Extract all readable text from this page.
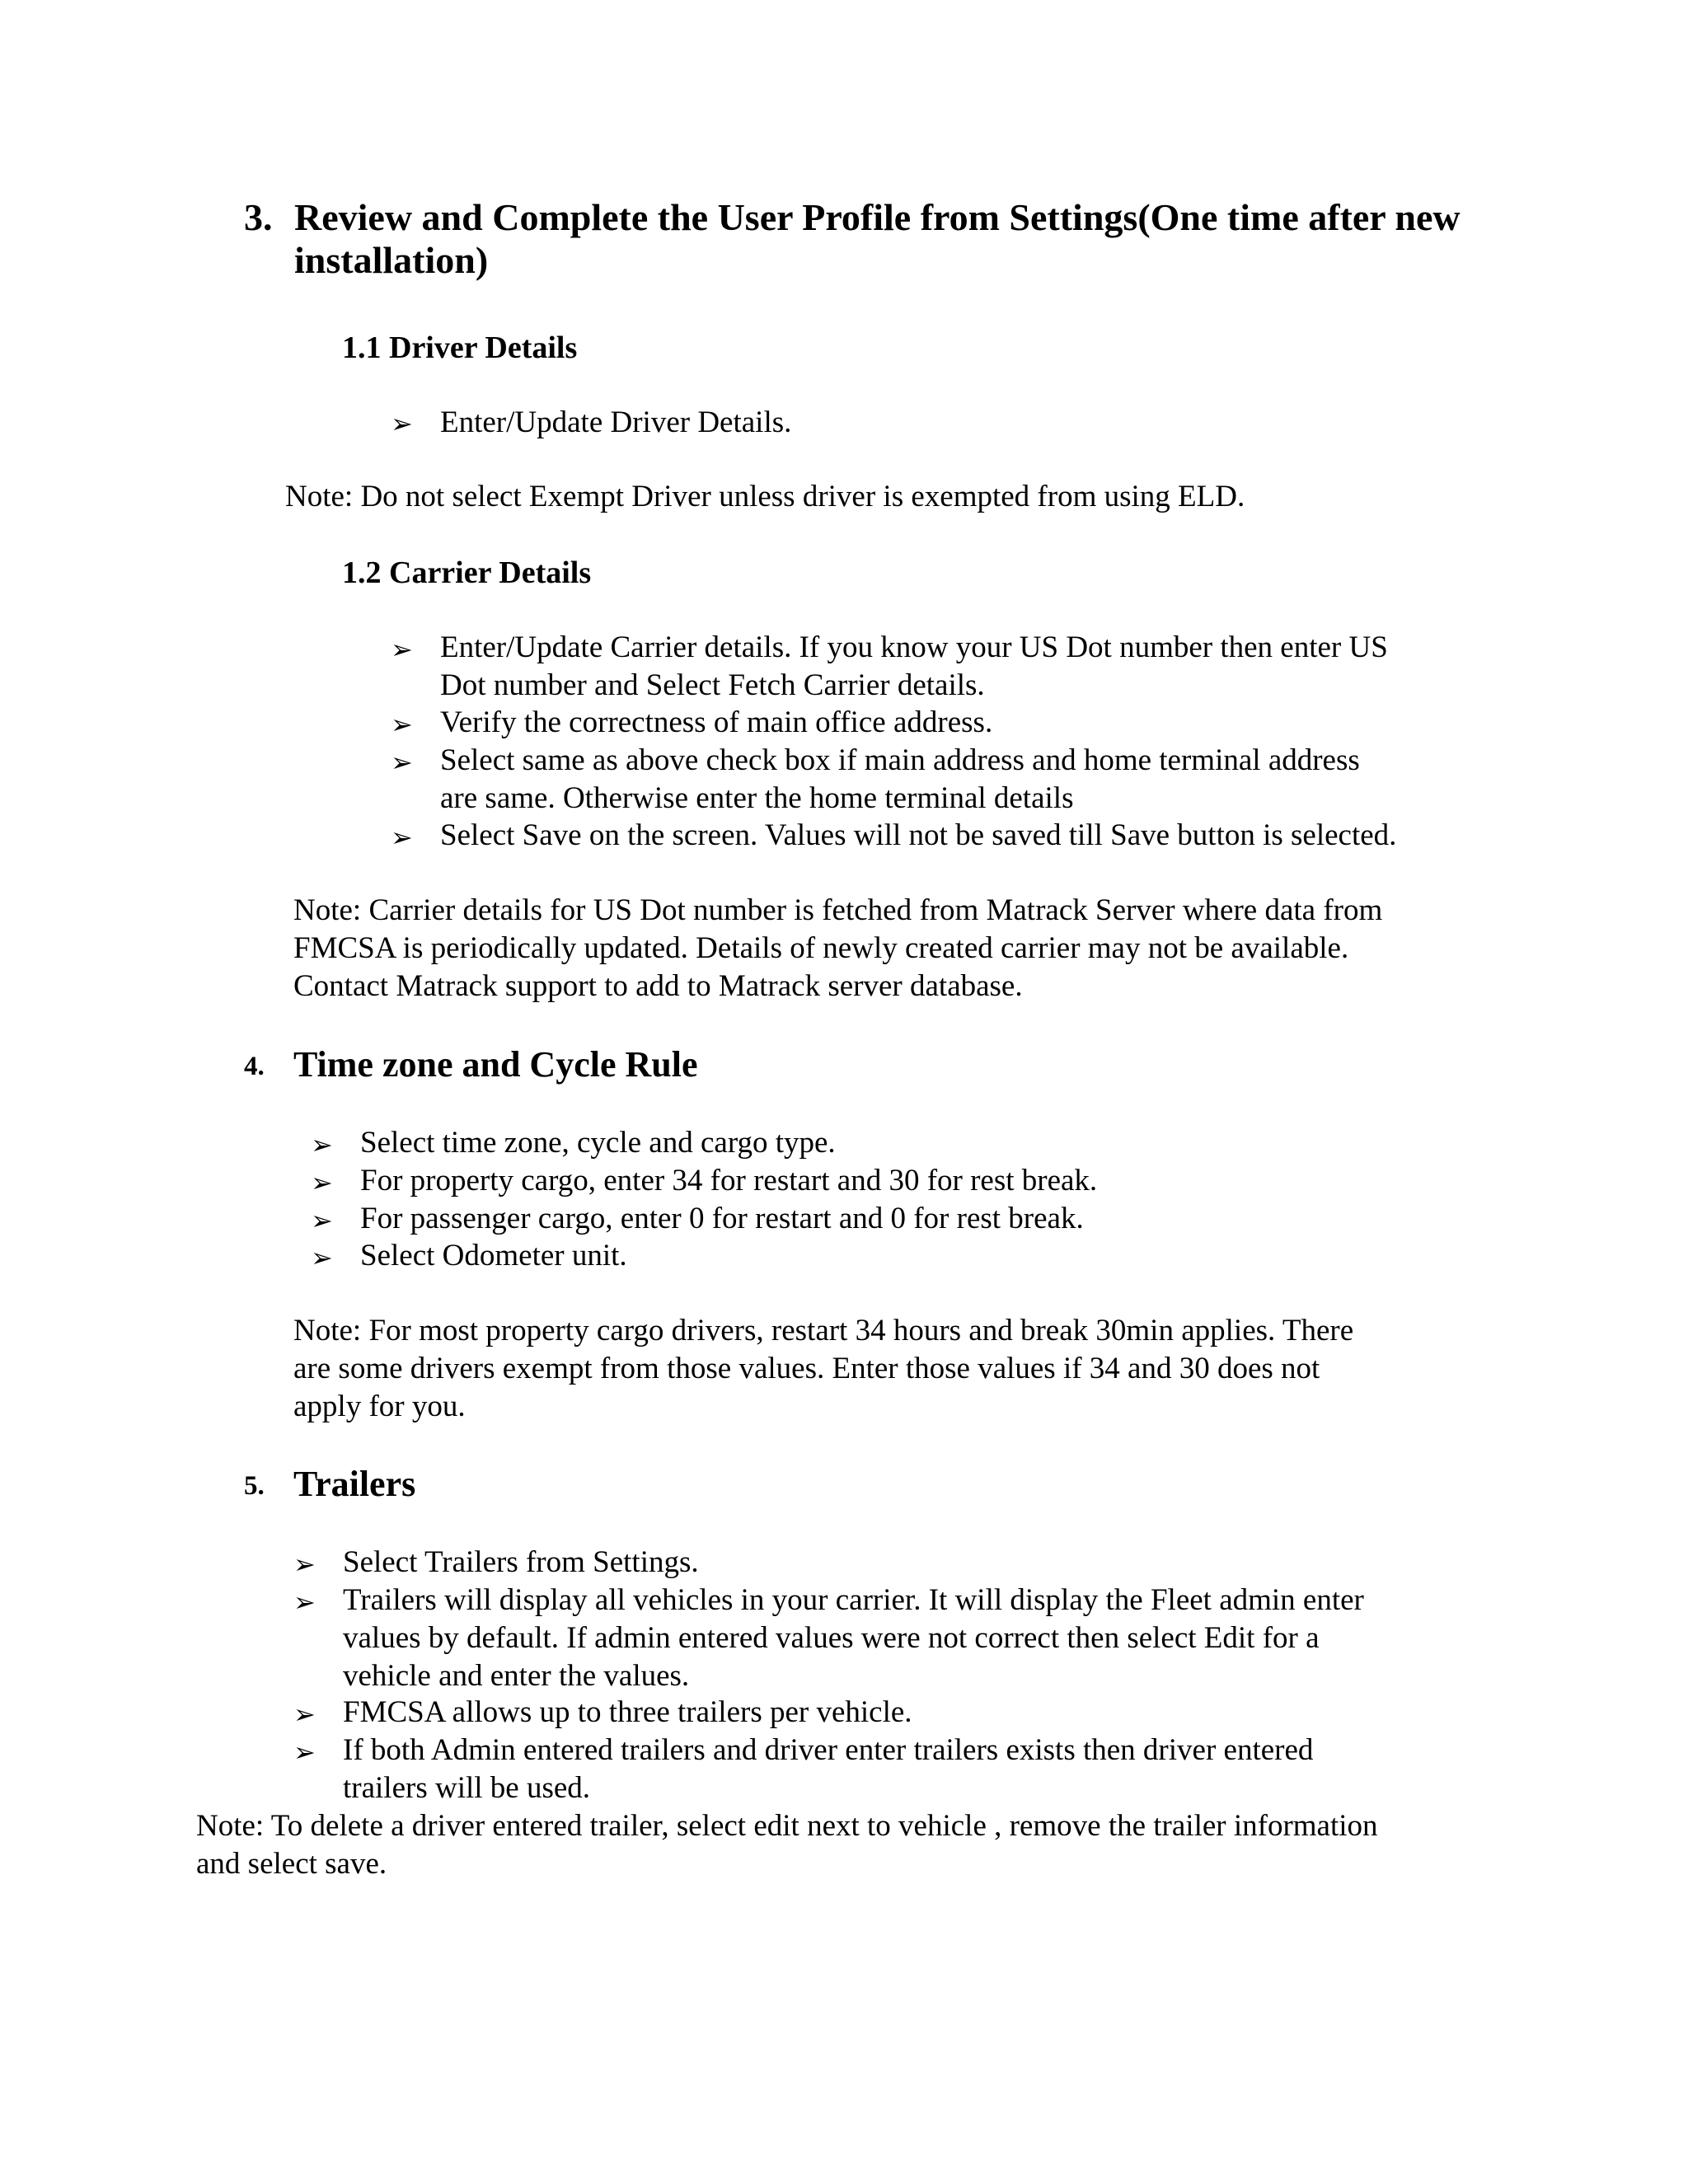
3. Review and Complete the User Profile from Settings(One time after new
installation)
1.1 Driver Details
➢ Enter/Update Driver Details.
Note: Do not select Exempt Driver unless driver is exempted from using ELD.
1.2 Carrier Details
➢ Enter/Update Carrier details. If you know your US Dot number then enter US
Dot number and Select Fetch Carrier details.
➢ Verify the correctness of main office address.
➢ Select same as above check box if main address and home terminal address
are same. Otherwise enter the home terminal details
➢ Select Save on the screen. Values will not be saved till Save button is selected.
Note: Carrier details for US Dot number is fetched from Matrack Server where data from
FMCSA is periodically updated. Details of newly created carrier may not be available.
Contact Matrack support to add to Matrack server database.
4. Time zone and Cycle Rule
➢ Select time zone, cycle and cargo type.
➢ For property cargo, enter 34 for restart and 30 for rest break.
➢ For passenger cargo, enter 0 for restart and 0 for rest break.
➢ Select Odometer unit.
Note: For most property cargo drivers, restart 34 hours and break 30min applies. There
are some drivers exempt from those values. Enter those values if 34 and 30 does not
apply for you.
5. Trailers
➢ Select Trailers from Settings.
➢ Trailers will display all vehicles in your carrier. It will display the Fleet admin enter
values by default. If admin entered values were not correct then select Edit for a
vehicle and enter the values.
➢ FMCSA allows up to three trailers per vehicle.
➢ If both Admin entered trailers and driver enter trailers exists then driver entered
trailers will be used.
Note: To delete a driver entered trailer, select edit next to vehicle , remove the trailer information
and select save.
